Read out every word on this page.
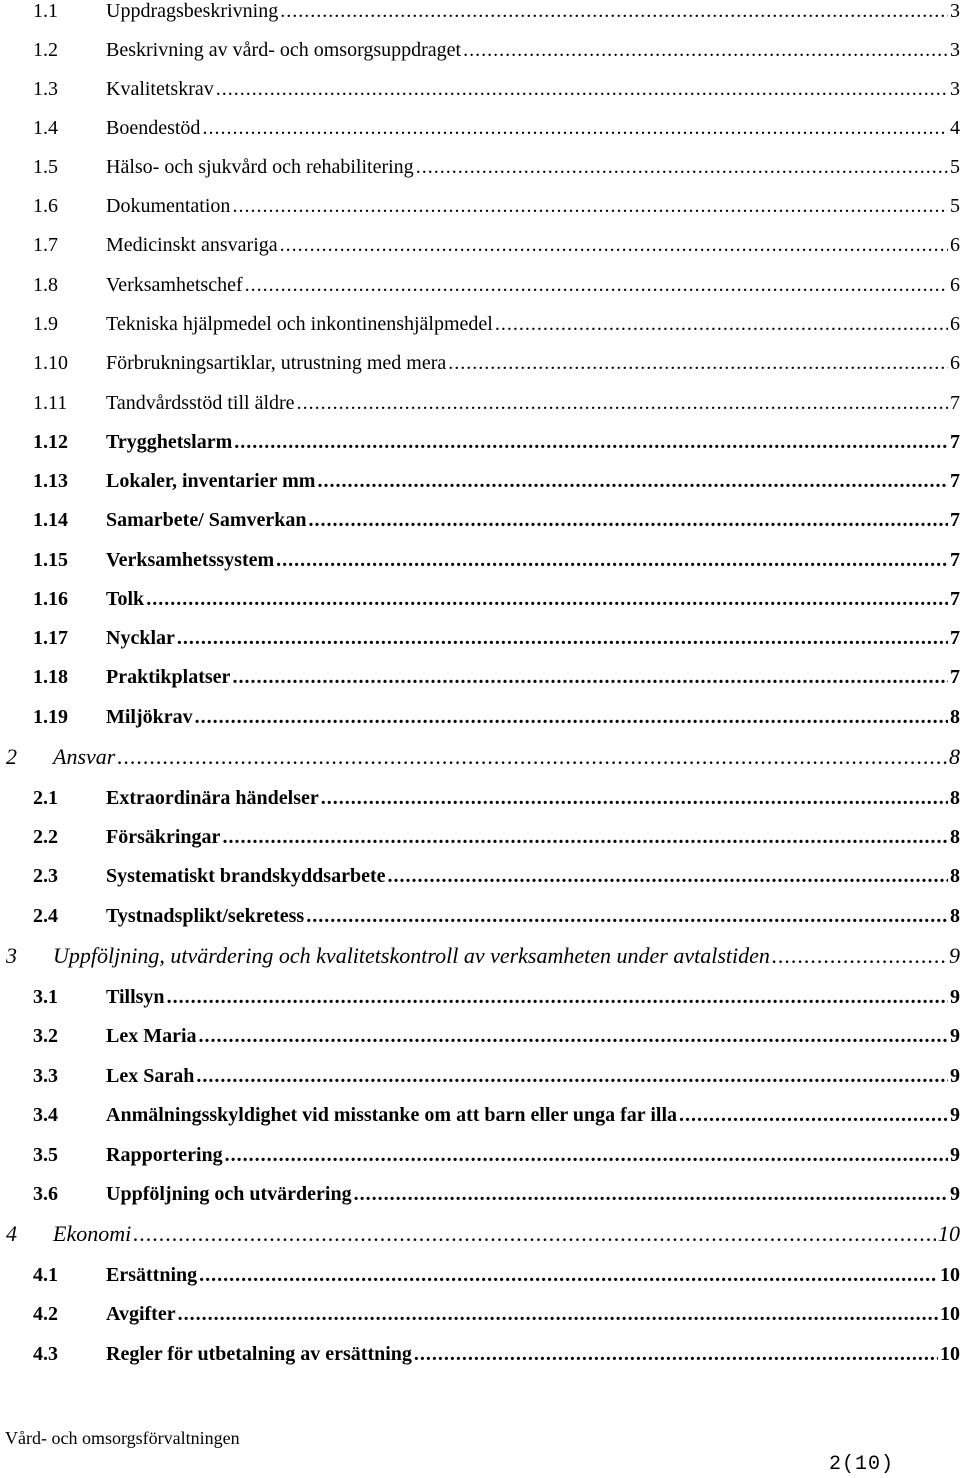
1.1	Uppdragsbeskrivning .....	3
1.2	Beskrivning av vård- och omsorgsuppdraget .....	3
1.3	Kvalitetskrav .....	3
1.4	Boendestöd .....	4
1.5	Hälso- och sjukvård och rehabilitering .....	5
1.6	Dokumentation .....	5
1.7	Medicinskt ansvariga .....	6
1.8	Verksamhetschef .....	6
1.9	Tekniska hjälpmedel och inkontinenshjälpmedel .....	6
1.10	Förbrukningsartiklar, utrustning med mera .....	6
1.11	Tandvårdsstöd till äldre .....	7
1.12	Trygghetslarm .....	7
1.13	Lokaler, inventarier mm .....	7
1.14	Samarbete/ Samverkan .....	7
1.15	Verksamhetssystem .....	7
1.16	Tolk .....	7
1.17	Nycklar .....	7
1.18	Praktikplatser .....	7
1.19	Miljökrav .....	8
2	Ansvar .....	8
2.1	Extraordinära händelser .....	8
2.2	Försäkringar .....	8
2.3	Systematiskt brandskyddsarbete .....	8
2.4	Tystnadsplikt/sekretess .....	8
3	Uppföljning, utvärdering och kvalitetskontroll av verksamheten under avtalstiden .....	9
3.1	Tillsyn .....	9
3.2	Lex Maria .....	9
3.3	Lex Sarah .....	9
3.4	Anmälningsskyldighet vid misstanke om att barn eller unga far illa .....	9
3.5	Rapportering .....	9
3.6	Uppföljning och utvärdering .....	9
4	Ekonomi .....	10
4.1	Ersättning .....	10
4.2	Avgifter .....	10
4.3	Regler för utbetalning av ersättning .....	10
Vård- och omsorgsförvaltningen
2(10)
